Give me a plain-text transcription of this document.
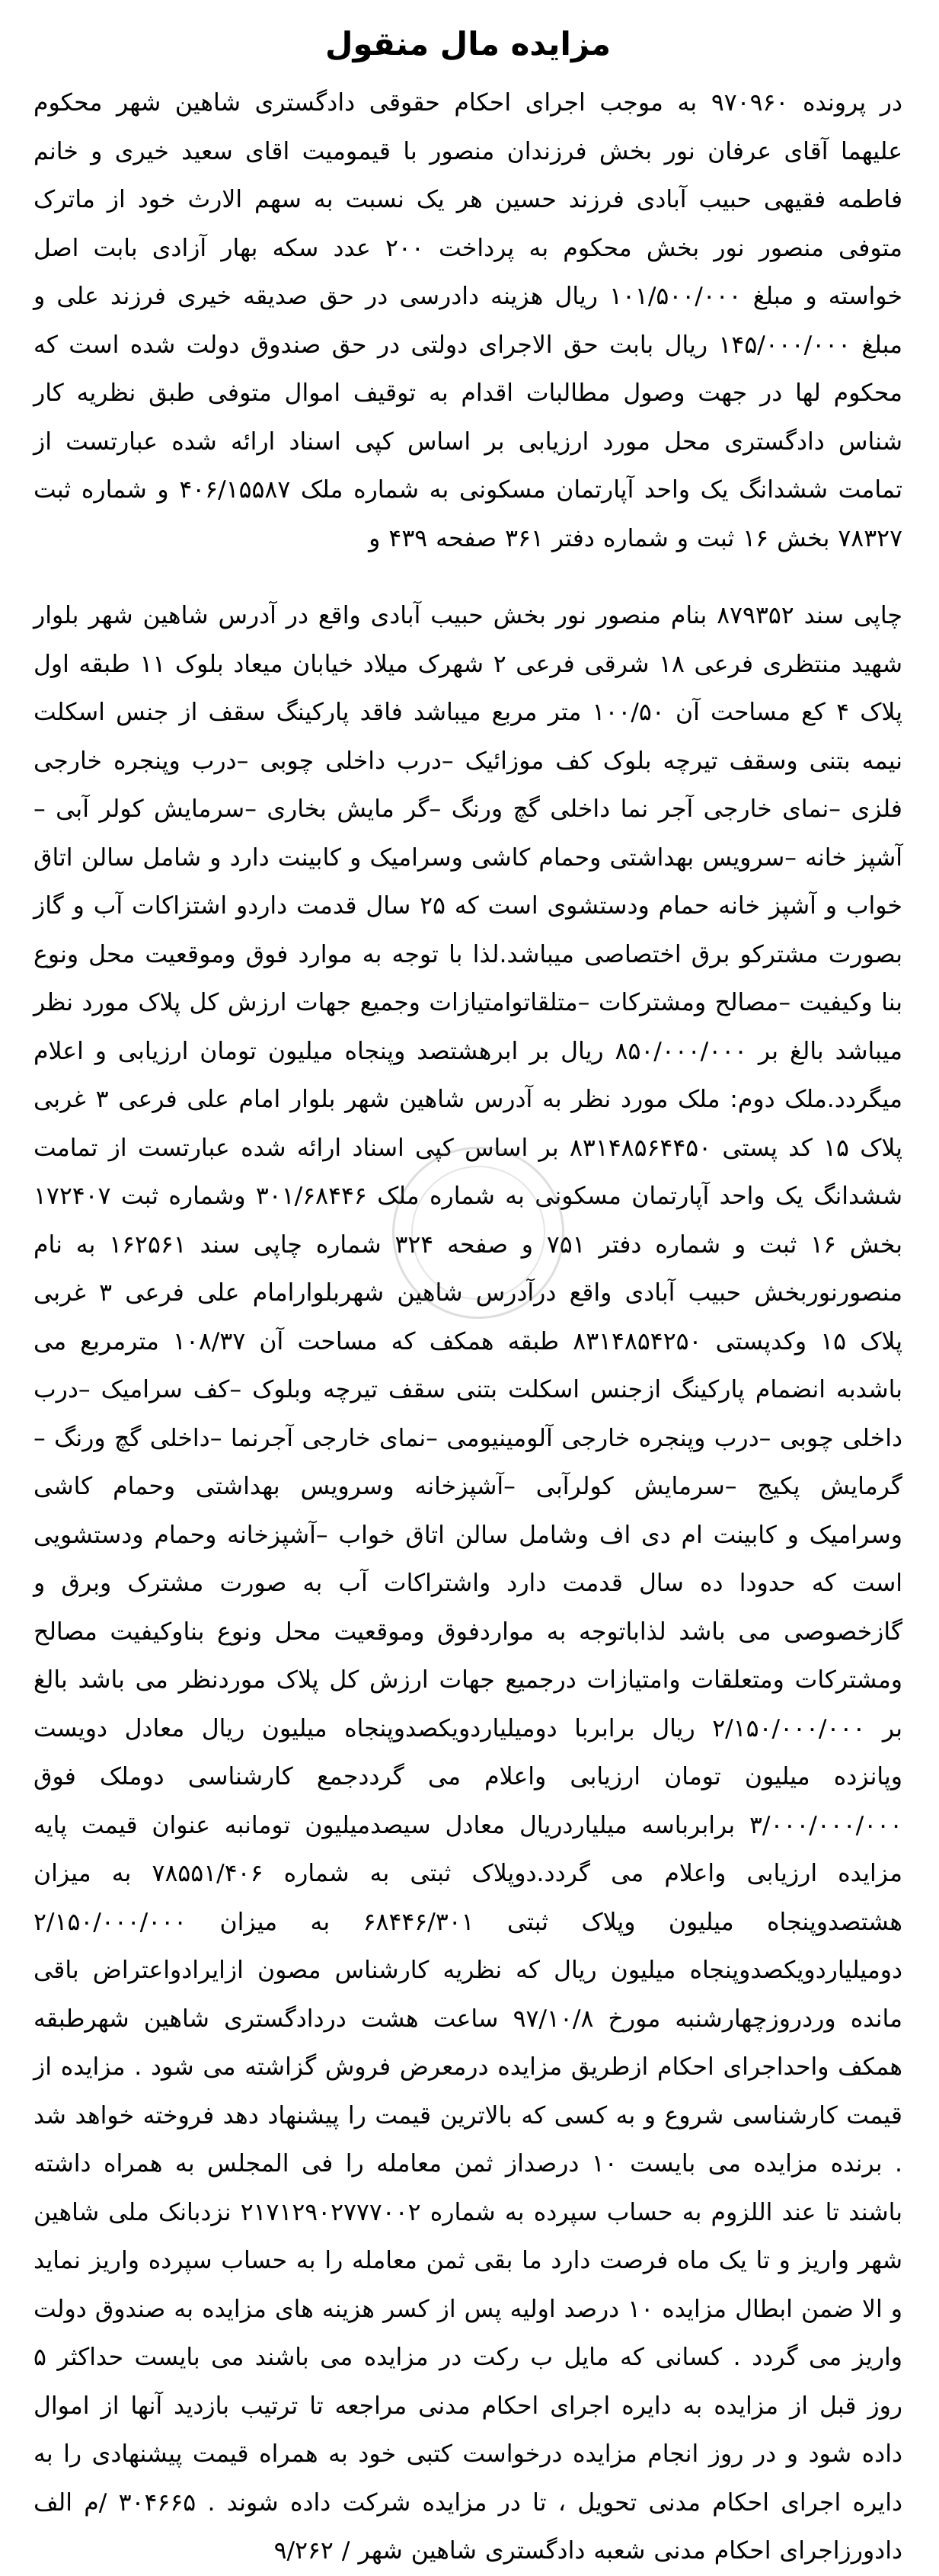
مزایده مال منقول

در پرونده ۹۷۰۹۶۰ به موجب اجرای احکام حقوقی دادگستری شاهین شهر محکوم علیهما آقای عرفان نور بخش فرزندان منصور با قیمومیت اقای سعید خیری و خانم فاطمه فقیهی حبیب آبادی فرزند حسین هر یک نسبت به سهم الارث خود از ماترک متوفی منصور نور بخش محکوم به پرداخت ۲۰۰ عدد سکه بهار آزادی بابت اصل خواسته و مبلغ ۱۰۱/۵۰۰/۰۰۰ ریال هزینه دادرسی در حق صدیقه خیری فرزند علی و مبلغ ۱۴۵/۰۰۰/۰۰۰ ریال بابت حق الاجرای دولتی در حق صندوق دولت شده است که محکوم لها در جهت وصول مطالبات اقدام به توقیف اموال متوفی طبق نظریه کار شناس دادگستری محل مورد ارزیابی بر اساس کپی اسناد ارائه شده عبارتست از تمامت ششدانگ یک واحد آپارتمان مسکونی به شماره ملک ۴۰۶/۱۵۵۸۷ و شماره ثبت ۷۸۳۲۷ بخش ۱۶ ثبت و شماره دفتر ۳۶۱ صفحه ۴۳۹ و

چاپی سند ۸۷۹۳۵۲ بنام منصور نور بخش حبیب آبادی واقع در آدرس شاهین شهر بلوار شهید منتظری فرعی ۱۸ شرقی فرعی ۲ شهرک میلاد خیابان میعاد بلوک ۱۱ طبقه اول پلاک ۴ کع مساحت آن ۱۰۰/۵۰ متر مربع میباشد فاقد پارکینگ سقف از جنس اسکلت نیمه بتنی وسقف تیرچه بلوک کف موزائیک –درب داخلی چوبی –درب وپنجره خارجی فلزی –نمای خارجی آجر نما داخلی گچ ورنگ –گر مایش بخاری –سرمایش کولر آبی –آشپز خانه –سرویس بهداشتی وحمام کاشی وسرامیک و کابینت دارد و شامل سالن اتاق خواب و آشپز خانه حمام ودستشوی است که ۲۵ سال قدمت داردو اشتزاکات آب و گاز بصورت مشترکو برق اختصاصی میباشد.لذا با توجه به موارد فوق وموقعیت محل ونوع بنا وکیفیت –مصالح ومشترکات –متلقاتوامتیازات وجمیع جهات ارزش کل پلاک مورد نظر میباشد بالغ بر ۸۵۰/۰۰۰/۰۰۰ ریال بر ابرهشتصد وپنجاه میلیون تومان ارزیابی و اعلام میگردد.ملک دوم: ملک مورد نظر به آدرس شاهین شهر بلوار امام علی فرعی ۳ غربی پلاک ۱۵ کد پستی ۸۳۱۴۸۵۶۴۴۵۰ بر اساس کپی اسناد ارائه شده عبارتست از تمامت ششدانگ یک واحد آپارتمان مسکونی به شماره ملک ۳۰۱/۶۸۴۴۶ وشماره ثبت ۱۷۲۴۰۷ بخش ۱۶ ثبت و شماره دفتر ۷۵۱ و صفحه ۳۲۴ شماره چاپی سند ۱۶۲۵۶۱ به نام منصورنوربخش حبیب آبادی واقع درآدرس شاهین شهربلوارامام علی فرعی ۳ غربی پلاک ۱۵ وکدپستی ۸۳۱۴۸۵۴۲۵۰ طبقه همکف که مساحت آن ۱۰۸/۳۷ مترمربع می باشدبه انضمام پارکینگ ازجنس اسکلت بتنی سقف تیرچه وبلوک –کف سرامیک –درب داخلی چوبی –درب وپنجره خارجی آلومینیومی –نمای خارجی آجرنما –داخلی گچ ورنگ –گرمایش پکیج –سرمایش کولرآبی –آشپزخانه وسرویس بهداشتی وحمام کاشی وسرامیک و کابینت ام دی اف وشامل سالن اتاق خواب –آشپزخانه وحمام ودستشویی است که حدودا ده سال قدمت دارد واشتراکات آب به صورت مشترک وبرق و گازخصوصی می باشد لذاباتوجه به مواردفوق وموقعیت محل ونوع بناوکیفیت مصالح ومشترکات ومتعلقات وامتیازات درجمیع جهات ارزش کل پلاک موردنظر می باشد بالغ بر ۲/۱۵۰/۰۰۰/۰۰۰ ریال برابربا دومیلیاردویکصدوپنجاه میلیون ریال معادل دویست وپانزده میلیون تومان ارزیابی واعلام می گرددجمع کارشناسی دوملک فوق ۳/۰۰۰/۰۰۰/۰۰۰ برابرباسه میلیاردریال معادل سیصدمیلیون تومانبه عنوان قیمت پایه مزایده ارزیابی واعلام می گردد.دوپلاک ثبتی به شماره ۷۸۵۵۱/۴۰۶ به میزان هشتصدوپنجاه میلیون وپلاک ثبتی ۶۸۴۴۶/۳۰۱ به میزان ۲/۱۵۰/۰۰۰/۰۰۰ دومیلیاردویکصدوپنجاه میلیون ریال که نظریه کارشناس مصون ازایرادواعتراض باقی مانده وردروزچهارشنبه مورخ ۹۷/۱۰/۸ ساعت هشت دردادگستری شاهین شهرطبقه همکف واحداجرای احکام ازطریق مزایده درمعرض فروش گزاشته می شود . مزایده از قیمت کارشناسی شروع و به کسی که بالاترین قیمت را پیشنهاد دهد فروخته خواهد شد . برنده مزایده می بایست ۱۰ درصداز ثمن معامله را فی المجلس به همراه داشته باشند تا عند اللزوم به حساب سپرده به شماره ۲۱۷۱۲۹۰۲۷۷۷۰۰۲ نزدبانک ملی شاهین شهر واریز و تا یک ماه فرصت دارد ما بقی ثمن معامله را به حساب سپرده واریز نماید و الا ضمن ابطال مزایده ۱۰ درصد اولیه پس از کسر هزینه های مزایده به صندوق دولت واریز می گردد . کسانی که مایل ب رکت در مزایده می باشند می بایست حداکثر ۵ روز قبل از مزایده به دایره اجرای احکام مدنی مراجعه تا ترتیب بازدید آنها از اموال داده شود و در روز انجام مزایده درخواست کتبی خود به همراه قیمت پیشنهادی را به دایره اجرای احکام مدنی تحویل ، تا در مزایده شرکت داده شوند . ۳۰۴۶۶۵ /م الف دادورزاجرای احکام مدنی شعبه دادگستری شاهین شهر / ۹/۲۶۲
